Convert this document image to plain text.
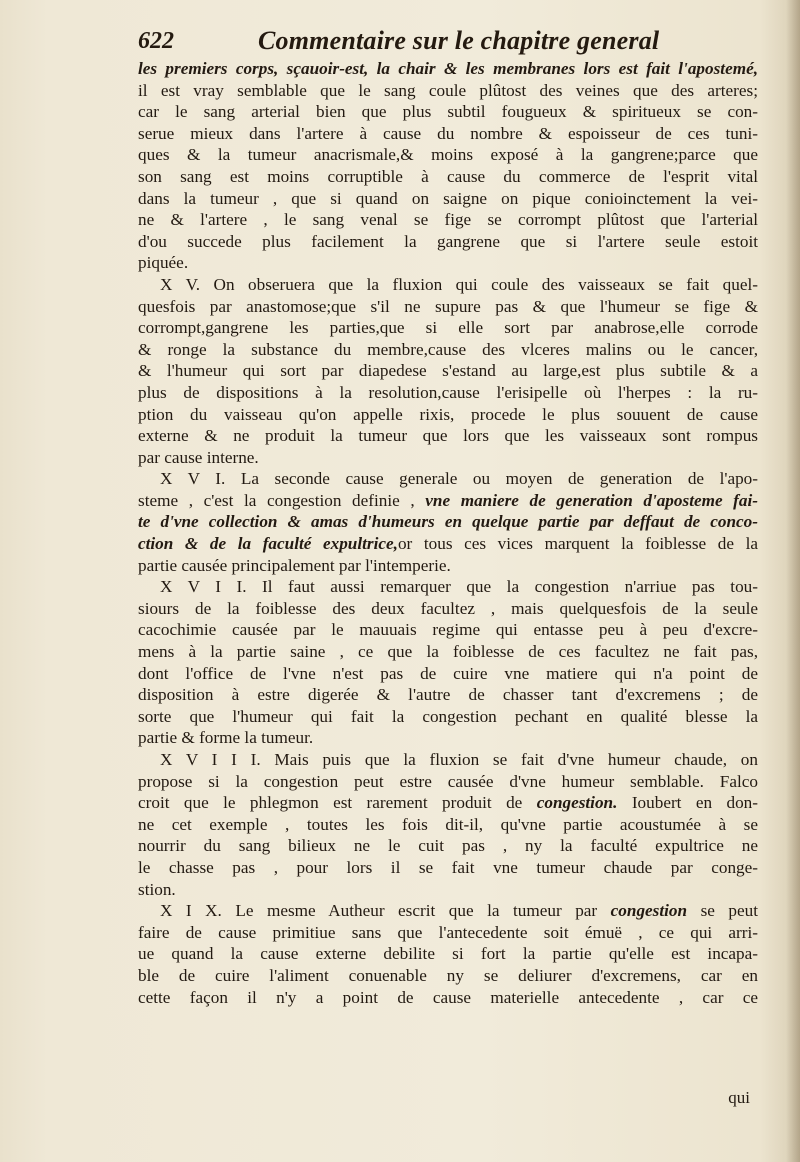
622	Commentaire sur le chapitre general
les premiers corps, sçauoir-est, la chair & les membranes lors est fait l'apostemé,
il est vray semblable que le sang coule plûtost des veines que des arteres;
car le sang arterial bien que plus subtil fougueux & spiritueux se con-
serue mieux dans l'artere à cause du nombre & espoisseur de ces tuni-
ques & la tumeur anacrismale,& moins exposé à la gangrene;parce que
son sang est moins corruptible à cause du commerce de l'esprit vital
dans la tumeur , que si quand on saigne on pique conioinctement la vei-
ne & l'artere , le sang venal se fige se corrompt plûtost que l'arterial
d'ou succede plus facilement la gangrene que si l'artere seule estoit
piquée.
X V. On obseruera que la fluxion qui coule des vaisseaux se fait quel-
quesfois par anastomose;que s'il ne supure pas & que l'humeur se fige &
corrompt,gangrene les parties,que si elle sort par anabrose,elle corrode
& ronge la substance du membre,cause des vlceres malins ou le cancer,
& l'humeur qui sort par diapedese s'estand au large,est plus subtile & a
plus de dispositions à la resolution,cause l'erisipelle où l'herpes : la ru-
ption du vaisseau qu'on appelle rixis, procede le plus souuent de cause
externe & ne produit la tumeur que lors que les vaisseaux sont rompus
par cause interne.
X V I. La seconde cause generale ou moyen de generation de l'apo-
steme , c'est la congestion definie , vne maniere de generation d'aposteme fai-
te d'vne collection & amas d'humeurs en quelque partie par deffaut de conco-
ction & de la faculté expultrice,or tous ces vices marquent la foiblesse de la
partie causée principalement par l'intemperie.
X V I I. Il faut aussi remarquer que la congestion n'arriue pas tou-
siours de la foiblesse des deux facultez , mais quelquesfois de la seule
cacochimie causée par le mauuais regime qui entasse peu à peu d'excre-
mens à la partie saine , ce que la foiblesse de ces facultez ne fait pas,
dont l'office de l'vne n'est pas de cuire vne matiere qui n'a point de
disposition à estre digerée & l'autre de chasser tant d'excremens ; de
sorte que l'humeur qui fait la congestion pechant en qualité blesse la
partie & forme la tumeur.
X V I I I. Mais puis que la fluxion se fait d'vne humeur chaude, on
propose si la congestion peut estre causée d'vne humeur semblable. Falco
croit que le phlegmon est rarement produit de congestion. Ioubert en don-
ne cet exemple , toutes les fois dit-il, qu'vne partie acoustumée à se
nourrir du sang bilieux ne le cuit pas , ny la faculté expultrice ne
le chasse pas , pour lors il se fait vne tumeur chaude par conge-
stion.
X I X. Le mesme Autheur escrit que la tumeur par congestion se peut
faire de cause primitiue sans que l'antecedente soit émuë , ce qui arri-
ue quand la cause externe debilite si fort la partie qu'elle est incapa-
ble de cuire l'aliment conuenable ny se deliurer d'excremens, car en
cette façon il n'y a point de cause materielle antecedente , car ce
qui
